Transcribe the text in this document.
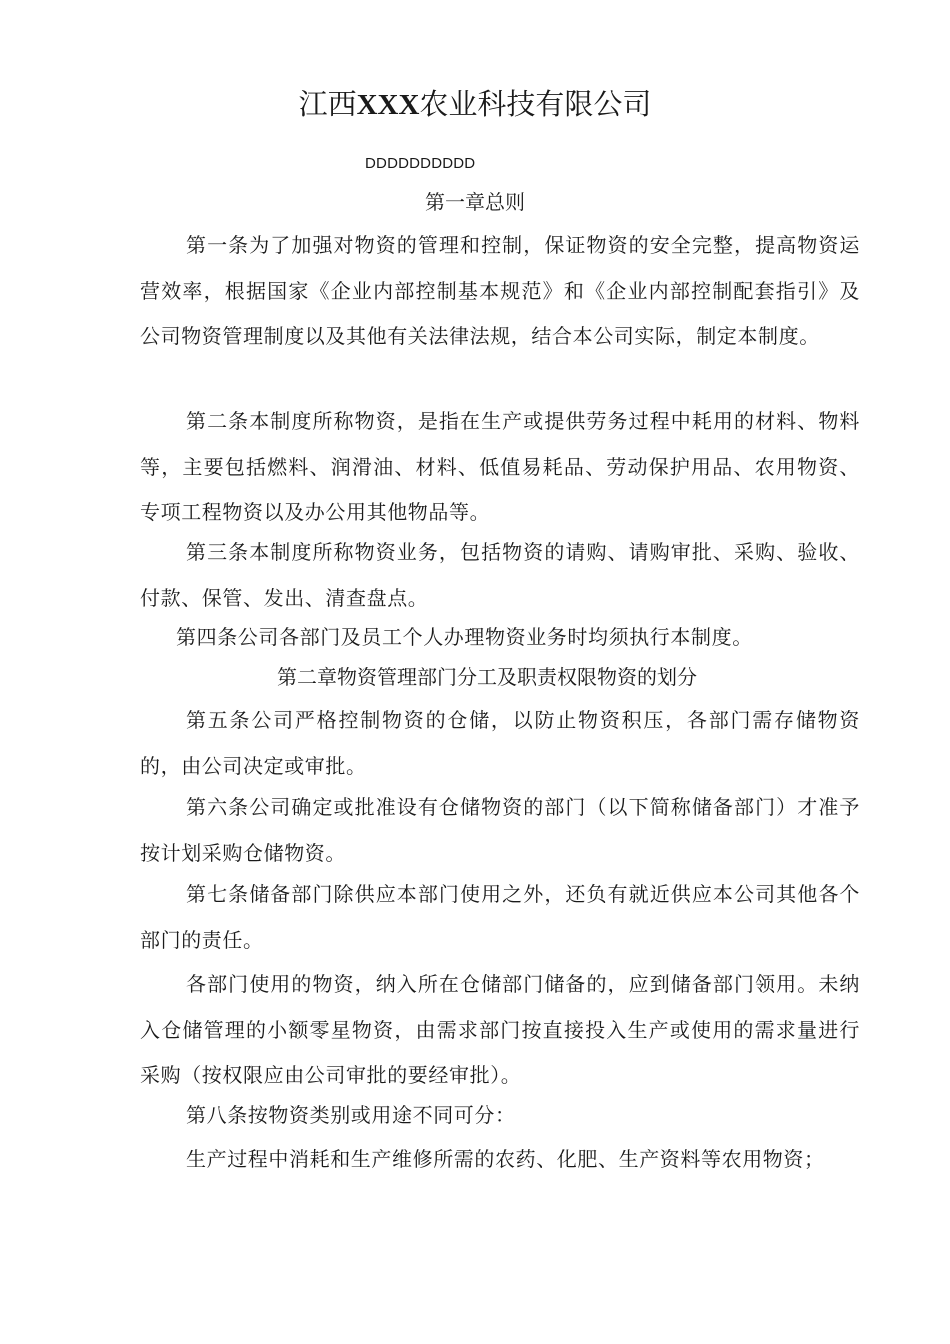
江西XXX农业科技有限公司
DDDDDDDDDD
第一章总则

第一条为了加强对物资的管理和控制，保证物资的安全完整，提高物资运营效率，根据国家《企业内部控制基本规范》和《企业内部控制配套指引》及公司物资管理制度以及其他有关法律法规，结合本公司实际，制定本制度。

第二条本制度所称物资，是指在生产或提供劳务过程中耗用的材料、物料等，主要包括燃料、润滑油、材料、低值易耗品、劳动保护用品、农用物资、专项工程物资以及办公用其他物品等。

第三条本制度所称物资业务，包括物资的请购、请购审批、采购、验收、付款、保管、发出、清查盘点。

第四条公司各部门及员工个人办理物资业务时均须执行本制度。

第二章物资管理部门分工及职责权限物资的划分

第五条公司严格控制物资的仓储，以防止物资积压，各部门需存储物资的，由公司决定或审批。

第六条公司确定或批准设有仓储物资的部门（以下简称储备部门）才准予按计划采购仓储物资。

第七条储备部门除供应本部门使用之外，还负有就近供应本公司其他各个部门的责任。

各部门使用的物资，纳入所在仓储部门储备的，应到储备部门领用。未纳入仓储管理的小额零星物资，由需求部门按直接投入生产或使用的需求量进行采购（按权限应由公司审批的要经审批）。

第八条按物资类别或用途不同可分：

生产过程中消耗和生产维修所需的农药、化肥、生产资料等农用物资；
